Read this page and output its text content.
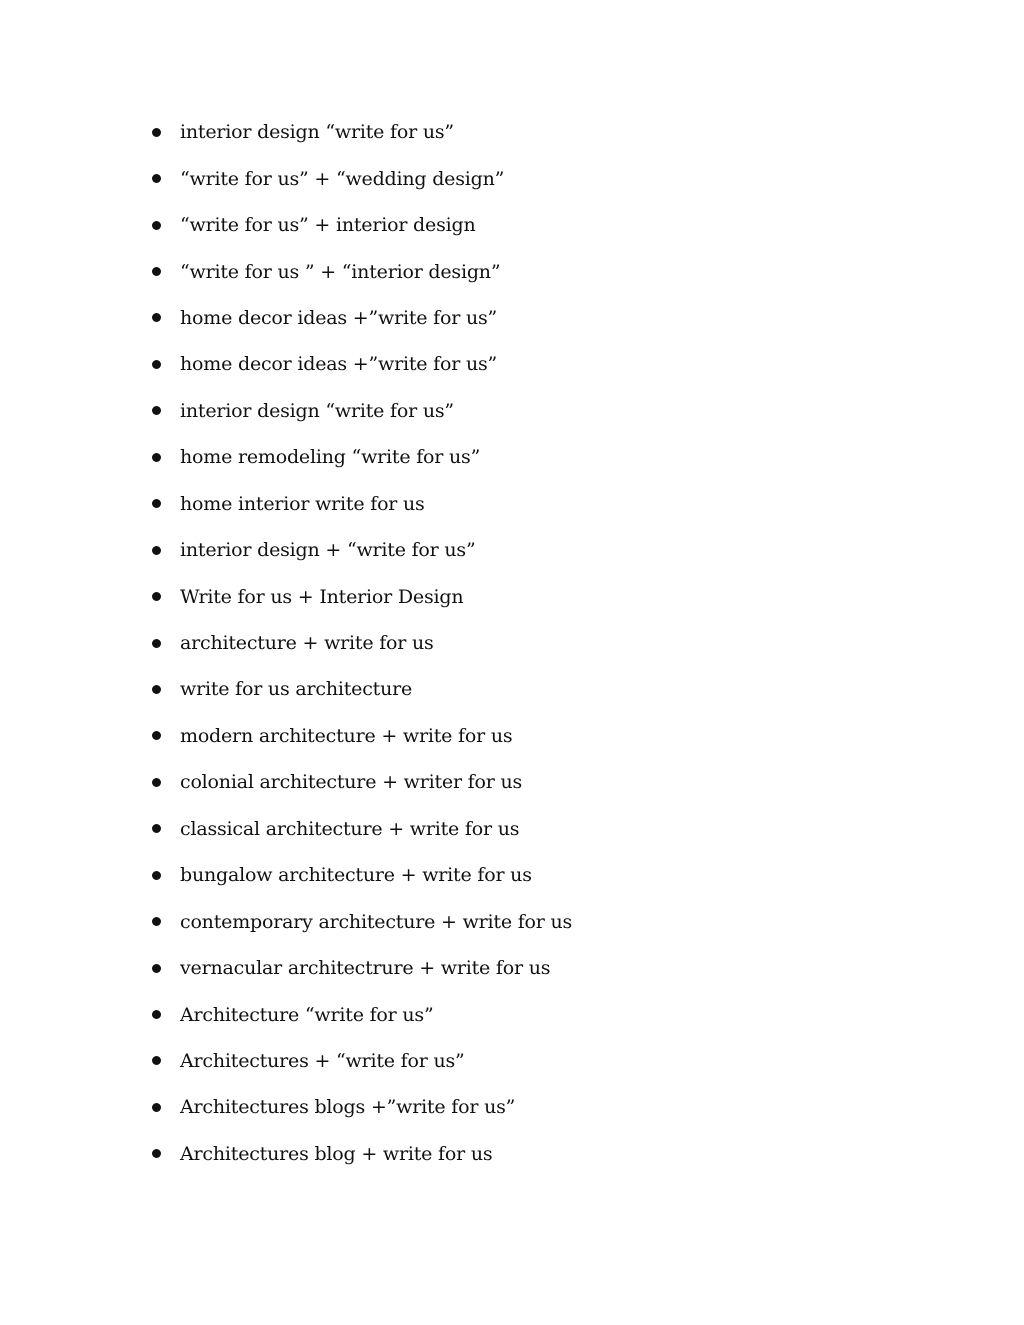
interior design “write for us”
“write for us” + “wedding design”
“write for us” + interior design
“write for us ” + “interior design”
home decor ideas +”write for us”
home decor ideas +”write for us”
interior design “write for us”
home remodeling “write for us”
home interior write for us
interior design + “write for us”
Write for us + Interior Design
architecture + write for us
write for us architecture
modern architecture + write for us
colonial architecture + writer for us
classical architecture + write for us
bungalow architecture + write for us
contemporary architecture + write for us
vernacular architectrure + write for us
Architecture “write for us”
Architectures + “write for us”
Architectures blogs +”write for us”
Architectures blog + write for us
